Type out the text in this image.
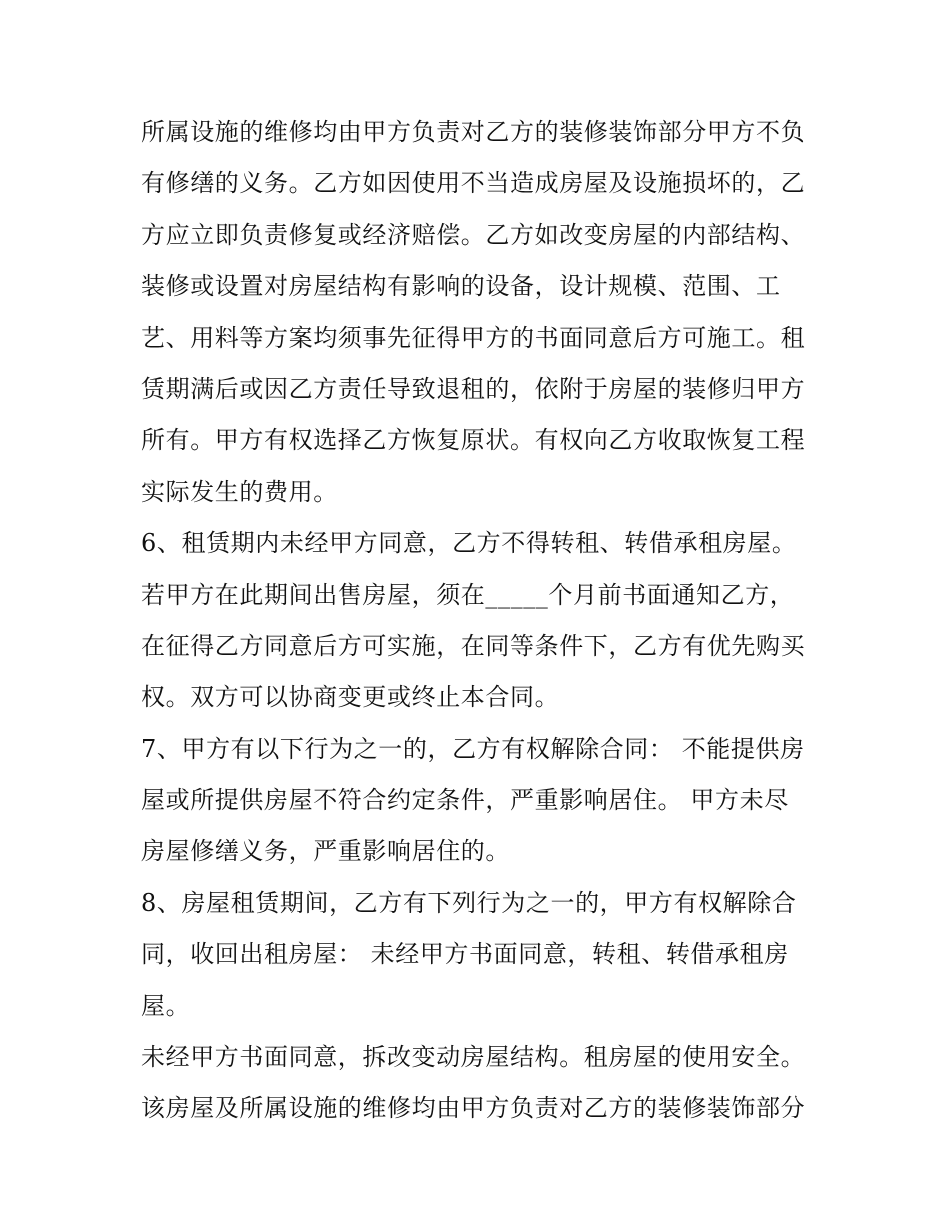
所属设施的维修均由甲方负责对乙方的装修装饰部分甲方不负
有修缮的义务。乙方如因使用不当造成房屋及设施损坏的，乙
方应立即负责修复或经济赔偿。乙方如改变房屋的内部结构、
装修或设置对房屋结构有影响的设备，设计规模、范围、工
艺、用料等方案均须事先征得甲方的书面同意后方可施工。租
赁期满后或因乙方责任导致退租的，依附于房屋的装修归甲方
所有。甲方有权选择乙方恢复原状。有权向乙方收取恢复工程
实际发生的费用。
6、租赁期内未经甲方同意，乙方不得转租、转借承租房屋。
若甲方在此期间出售房屋，须在_____个月前书面通知乙方，
在征得乙方同意后方可实施，在同等条件下，乙方有优先购买
权。双方可以协商变更或终止本合同。
7、甲方有以下行为之一的，乙方有权解除合同： 不能提供房
屋或所提供房屋不符合约定条件，严重影响居住。 甲方未尽
房屋修缮义务，严重影响居住的。
8、房屋租赁期间，乙方有下列行为之一的，甲方有权解除合
同，收回出租房屋： 未经甲方书面同意，转租、转借承租房
屋。
未经甲方书面同意，拆改变动房屋结构。租房屋的使用安全。
该房屋及所属设施的维修均由甲方负责对乙方的装修装饰部分
